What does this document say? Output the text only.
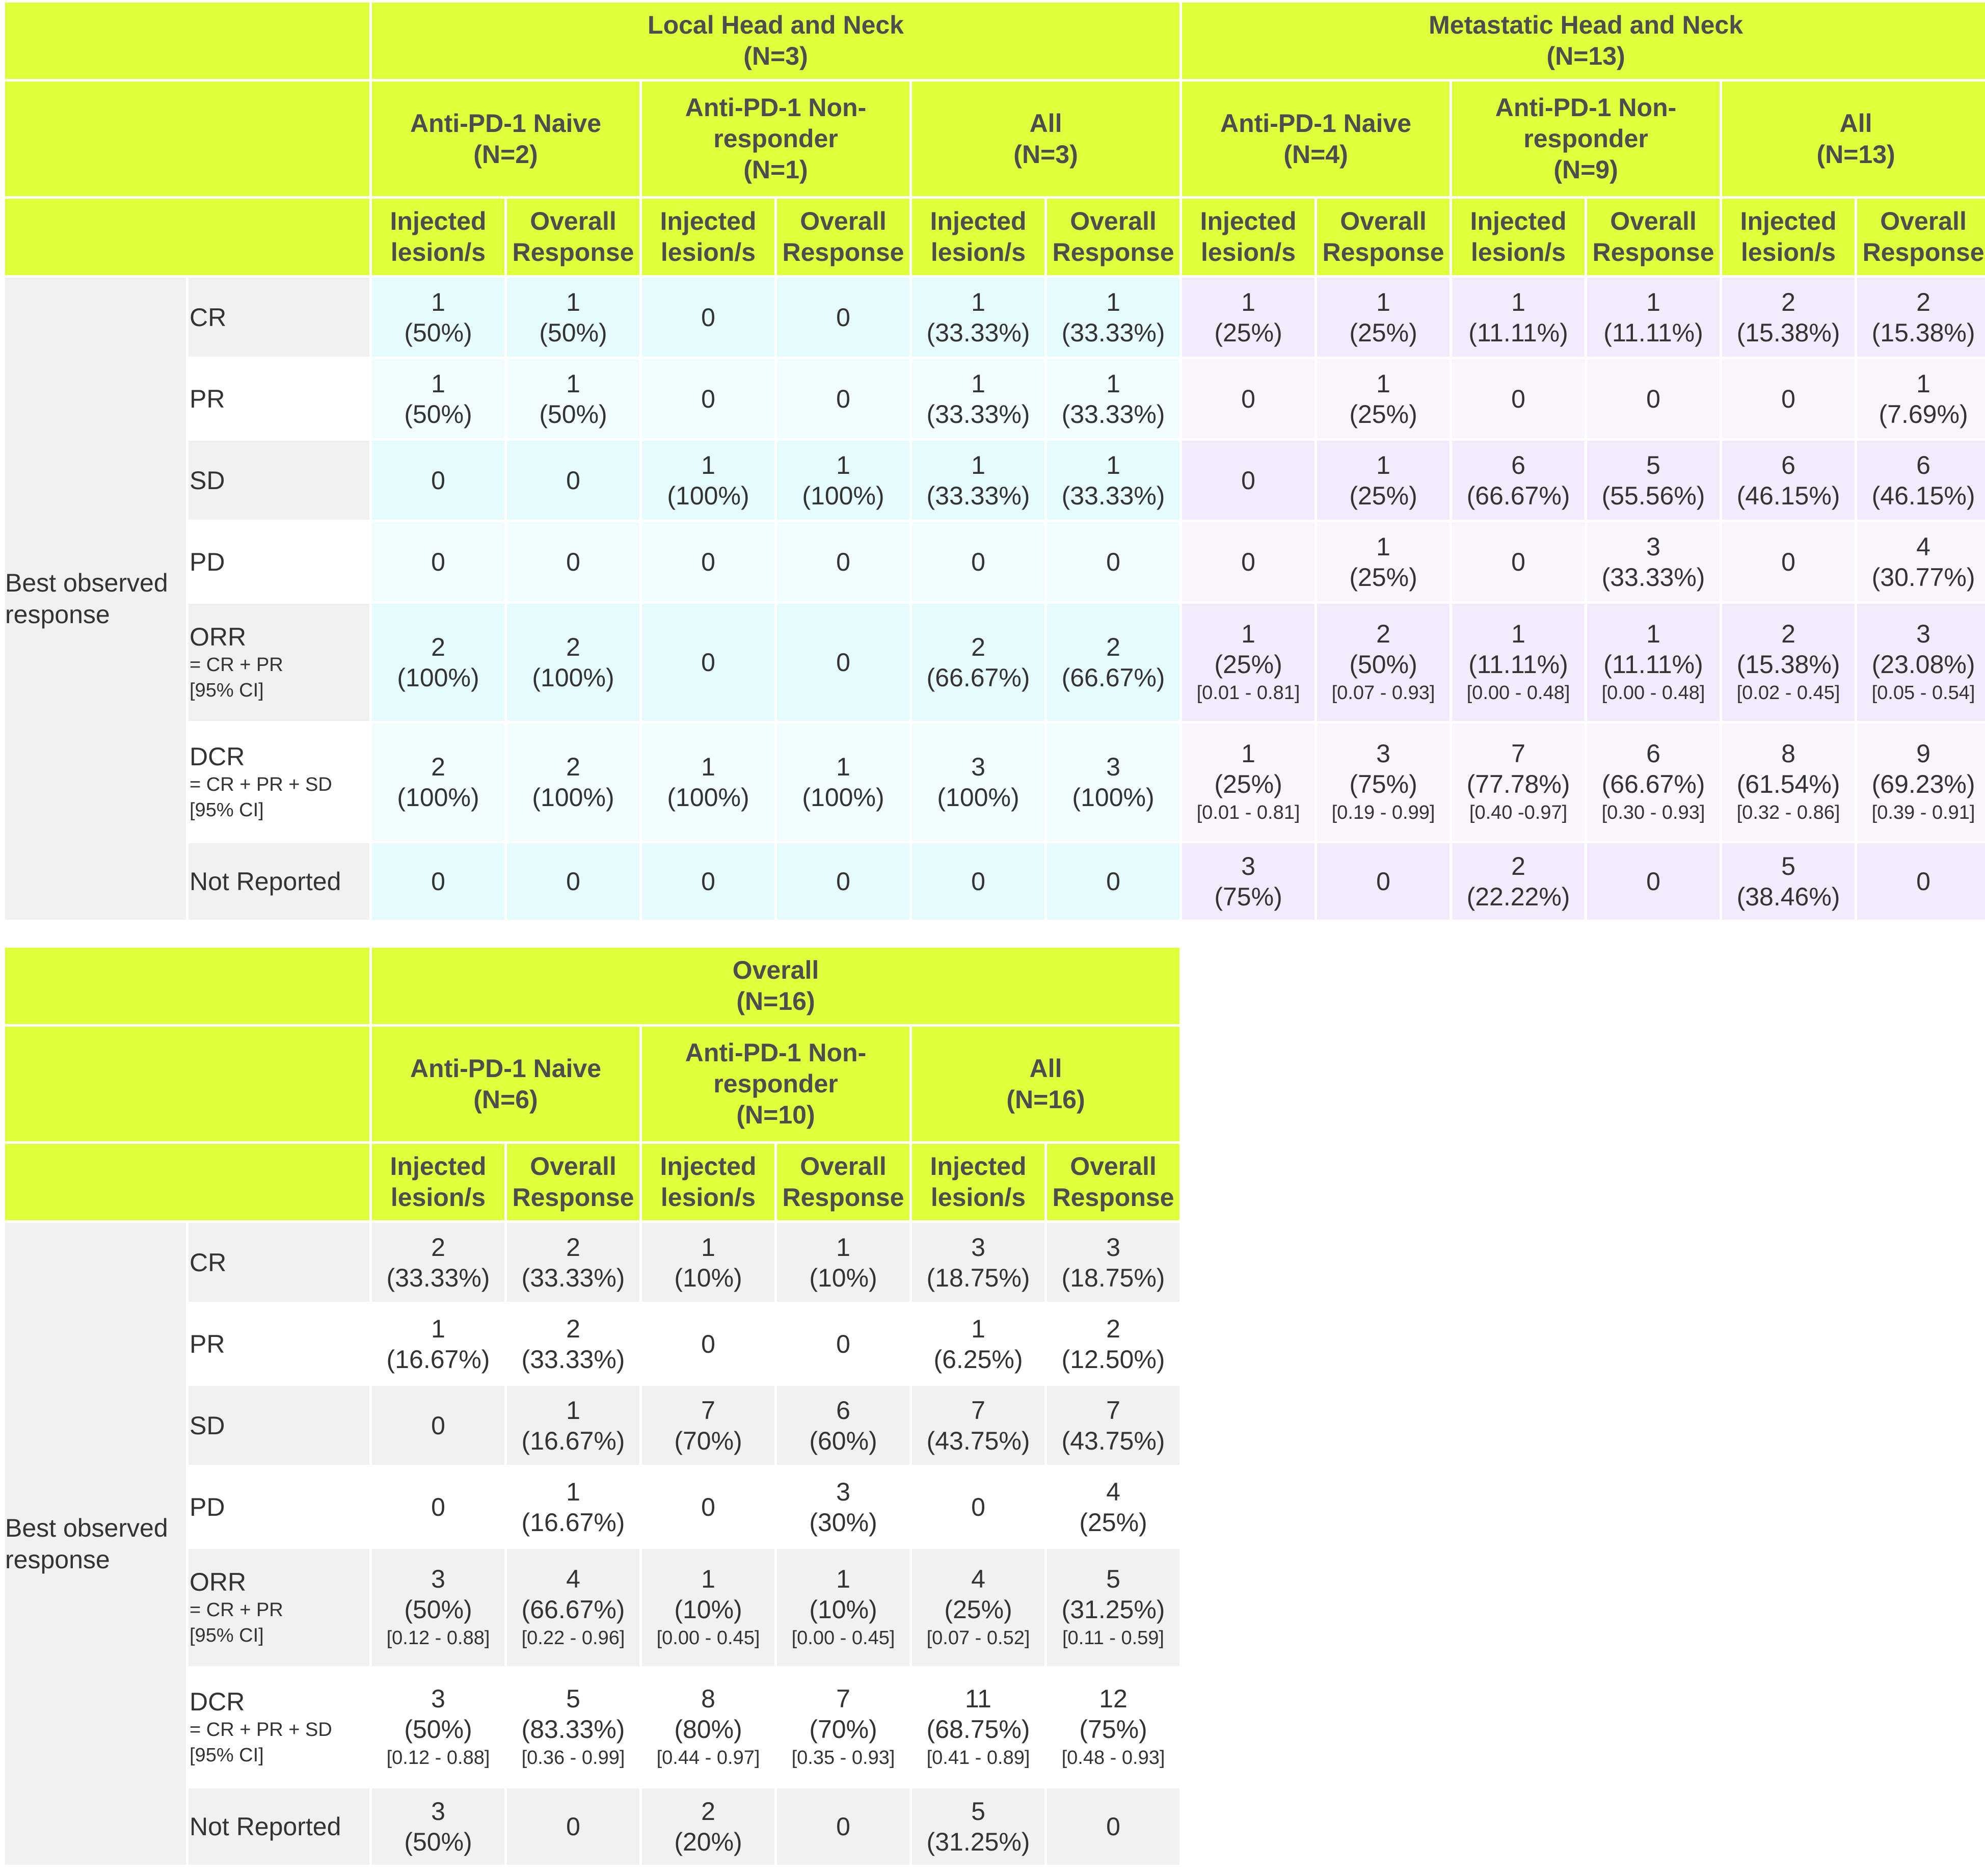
		Local Head and Neck
(N=3)						Metastatic Head and Neck
(N=13)					
		Anti-PD-1 Naive
(N=2)		Anti-PD-1 Non-
responder
(N=1)		All
(N=3)		Anti-PD-1 Naive
(N=4)		Anti-PD-1 Non-
responder
(N=9)		All
(N=13)	
		Injected
lesion/s	Overall
Response	Injected
lesion/s	Overall
Response	Injected
lesion/s	Overall
Response	Injected
lesion/s	Overall
Response	Injected
lesion/s	Overall
Response	Injected
lesion/s	Overall
Response
Best observed response	CR	1
(50%)	1
(50%)	0	0	1
(33.33%)	1
(33.33%)	1
(25%)	1
(25%)	1
(11.11%)	1
(11.11%)	2
(15.38%)	2
(15.38%)
	PR	1
(50%)	1
(50%)	0	0	1
(33.33%)	1
(33.33%)	0	1
(25%)	0	0	0	1
(7.69%)
	SD	0	0	1
(100%)	1
(100%)	1
(33.33%)	1
(33.33%)	0	1
(25%)	6
(66.67%)	5
(55.56%)	6
(46.15%)	6
(46.15%)
	PD	0	0	0	0	0	0	0	1
(25%)	0	3
(33.33%)	0	4
(30.77%)
	ORR
= CR + PR
[95% CI]	2
(100%)	2
(100%)	0	0	2
(66.67%)	2
(66.67%)	1
(25%)
[0.01 - 0.81]	2
(50%)
[0.07 - 0.93]	1
(11.11%)
[0.00 - 0.48]	1
(11.11%)
[0.00 - 0.48]	2
(15.38%)
[0.02 - 0.45]	3
(23.08%)
[0.05 - 0.54]

	DCR
= CR + PR + SD
[95% CI]	2
(100%)	2
(100%)	1
(100%)	1
(100%)	3
(100%)	3
(100%)	1
(25%)
[0.01 - 0.81]	3
(75%)
[0.19 - 0.99]	7
(77.78%)
[0.40 -0.97]	6
(66.67%)
[0.30 - 0.93]	8
(61.54%)
[0.32 - 0.86]	9
(69.23%)
[0.39 - 0.91]

	Not Reported	0	0	0	0	0	0	3
(75%)	0	2
(22.22%)	0	5
(38.46%)	0
		Overall
(N=16)					
		Anti-PD-1 Naive
(N=6)		Anti-PD-1 Non-
responder
(N=10)		All
(N=16)	
		Injected
lesion/s	Overall
Response	Injected
lesion/s	Overall
Response	Injected
lesion/s	Overall
Response
Best observed response	CR	2
(33.33%)	2
(33.33%)	1
(10%)	1
(10%)	3
(18.75%)	3
(18.75%)
	PR	1
(16.67%)	2
(33.33%)	0	0	1
(6.25%)	2
(12.50%)
	SD	0	1
(16.67%)	7
(70%)	6
(60%)	7
(43.75%)	7
(43.75%)
	PD	0	1
(16.67%)	0	3
(30%)	0	4
(25%)
	ORR
= CR + PR
[95% CI]	3
(50%)
[0.12 - 0.88]	4
(66.67%)
[0.22 - 0.96]	1
(10%)
[0.00 - 0.45]	1
(10%)
[0.00 - 0.45]	4
(25%)
[0.07 - 0.52]	5
(31.25%)
[0.11 - 0.59]

	DCR
= CR + PR + SD
[95% CI]	3
(50%)
[0.12 - 0.88]	5
(83.33%)
[0.36 - 0.99]	8
(80%)
[0.44 - 0.97]	7
(70%)
[0.35 - 0.93]	11
(68.75%)
[0.41 - 0.89]	12
(75%)
[0.48 - 0.93]

	Not Reported	3
(50%)	0	2
(20%)	0	5
(31.25%)	0
